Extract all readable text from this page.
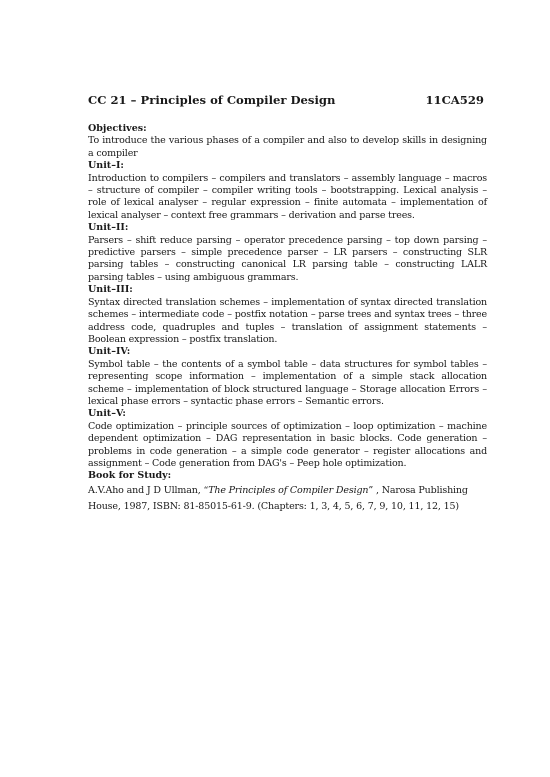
CC 21 – Principles of Compiler Design	11CA529
Objectives:
To introduce the various phases of a compiler and also to develop skills in designing a compiler
Unit–I:
Introduction to compilers – compilers and translators – assembly language – macros – structure of compiler – compiler writing tools – bootstrapping. Lexical analysis – role of lexical analyser – regular expression – finite automata – implementation of lexical analyser – context free grammars – derivation and parse trees.
Unit–II:
Parsers – shift reduce parsing – operator precedence parsing – top down parsing – predictive parsers – simple precedence parser – LR parsers – constructing SLR parsing tables – constructing canonical LR parsing table – constructing LALR parsing tables – using ambiguous grammars.
Unit–III:
Syntax directed translation schemes – implementation of syntax directed translation schemes – intermediate code – postfix notation – parse trees and syntax trees – three address code, quadruples and tuples – translation of assignment statements – Boolean expression – postfix translation.
Unit–IV:
Symbol table – the contents of a symbol table – data structures for symbol tables – representing scope information – implementation of a simple stack allocation scheme – implementation of block structured language – Storage allocation Errors – lexical phase errors – syntactic phase errors – Semantic errors.
Unit–V:
Code optimization – principle sources of optimization – loop optimization – machine dependent optimization – DAG representation in basic blocks. Code generation – problems in code generation – a simple code generator – register allocations and assignment – Code generation from DAG's – Peep hole optimization.
Book for Study:
A.V.Aho and J D Ullman, “The Principles of Compiler Design” , Narosa Publishing House, 1987, ISBN: 81-85015-61-9. (Chapters: 1, 3, 4, 5, 6, 7, 9, 10, 11, 12, 15)
